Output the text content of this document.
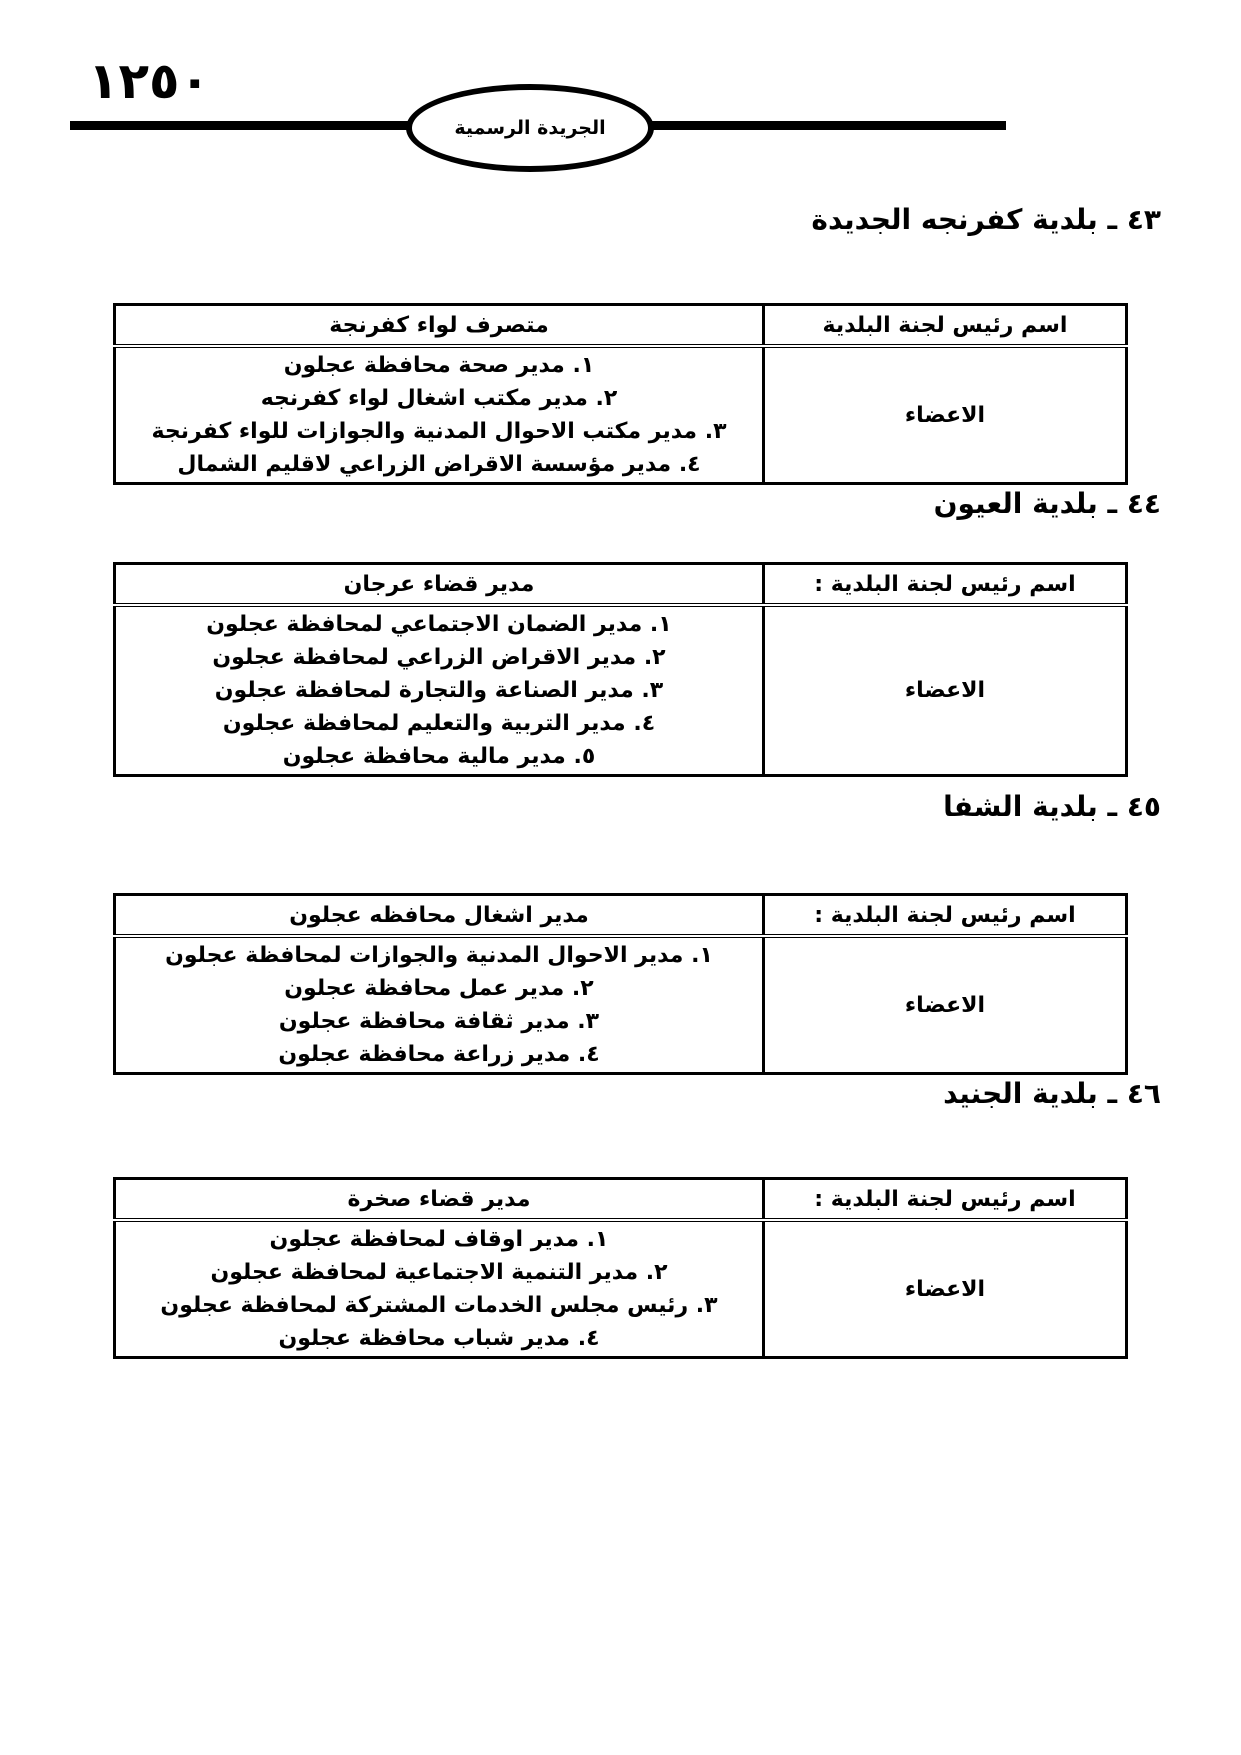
١٢٥٠
الجريدة الرسمية
٤٣ ـ بلدية كفرنجه الجديدة
اسم رئيس لجنة البلدية	متصرف لواء كفرنجة
الاعضاء	١. مدير صحة محافظة عجلون
٢. مدير مكتب اشغال لواء كفرنجه
٣. مدير مكتب الاحوال المدنية والجوازات للواء كفرنجة
٤. مدير مؤسسة الاقراض الزراعي لاقليم الشمال
٤٤ ـ بلدية العيون
اسم رئيس لجنة البلدية :	مدير قضاء عرجان
الاعضاء	١. مدير الضمان الاجتماعي لمحافظة عجلون
٢. مدير الاقراض الزراعي لمحافظة عجلون
٣. مدير الصناعة والتجارة لمحافظة عجلون
٤. مدير التربية والتعليم لمحافظة عجلون
٥. مدير مالية محافظة عجلون
٤٥ ـ بلدية الشفا
اسم رئيس لجنة البلدية :	مدير اشغال محافظه عجلون
الاعضاء	١. مدير الاحوال المدنية والجوازات لمحافظة عجلون
٢. مدير عمل محافظة عجلون
٣. مدير ثقافة محافظة عجلون
٤. مدير زراعة محافظة عجلون
٤٦ ـ بلدية الجنيد
اسم رئيس لجنة البلدية :	مدير قضاء صخرة
الاعضاء	١. مدير اوقاف لمحافظة عجلون
٢. مدير التنمية الاجتماعية لمحافظة عجلون
٣. رئيس مجلس الخدمات المشتركة لمحافظة عجلون
٤. مدير شباب محافظة عجلون
